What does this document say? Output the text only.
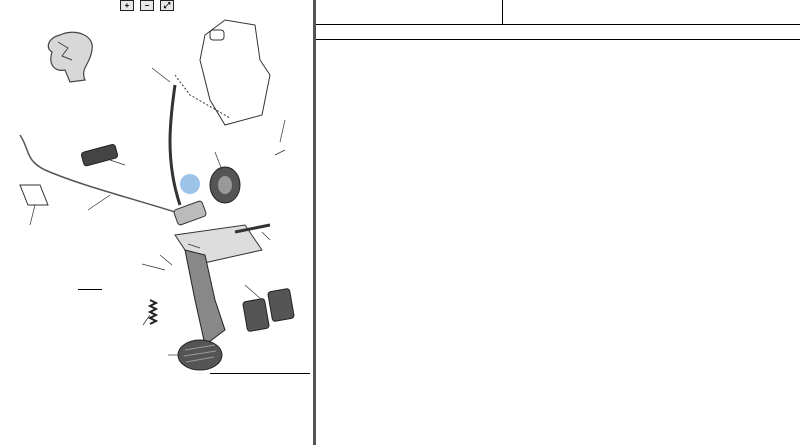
+	−	⤢
